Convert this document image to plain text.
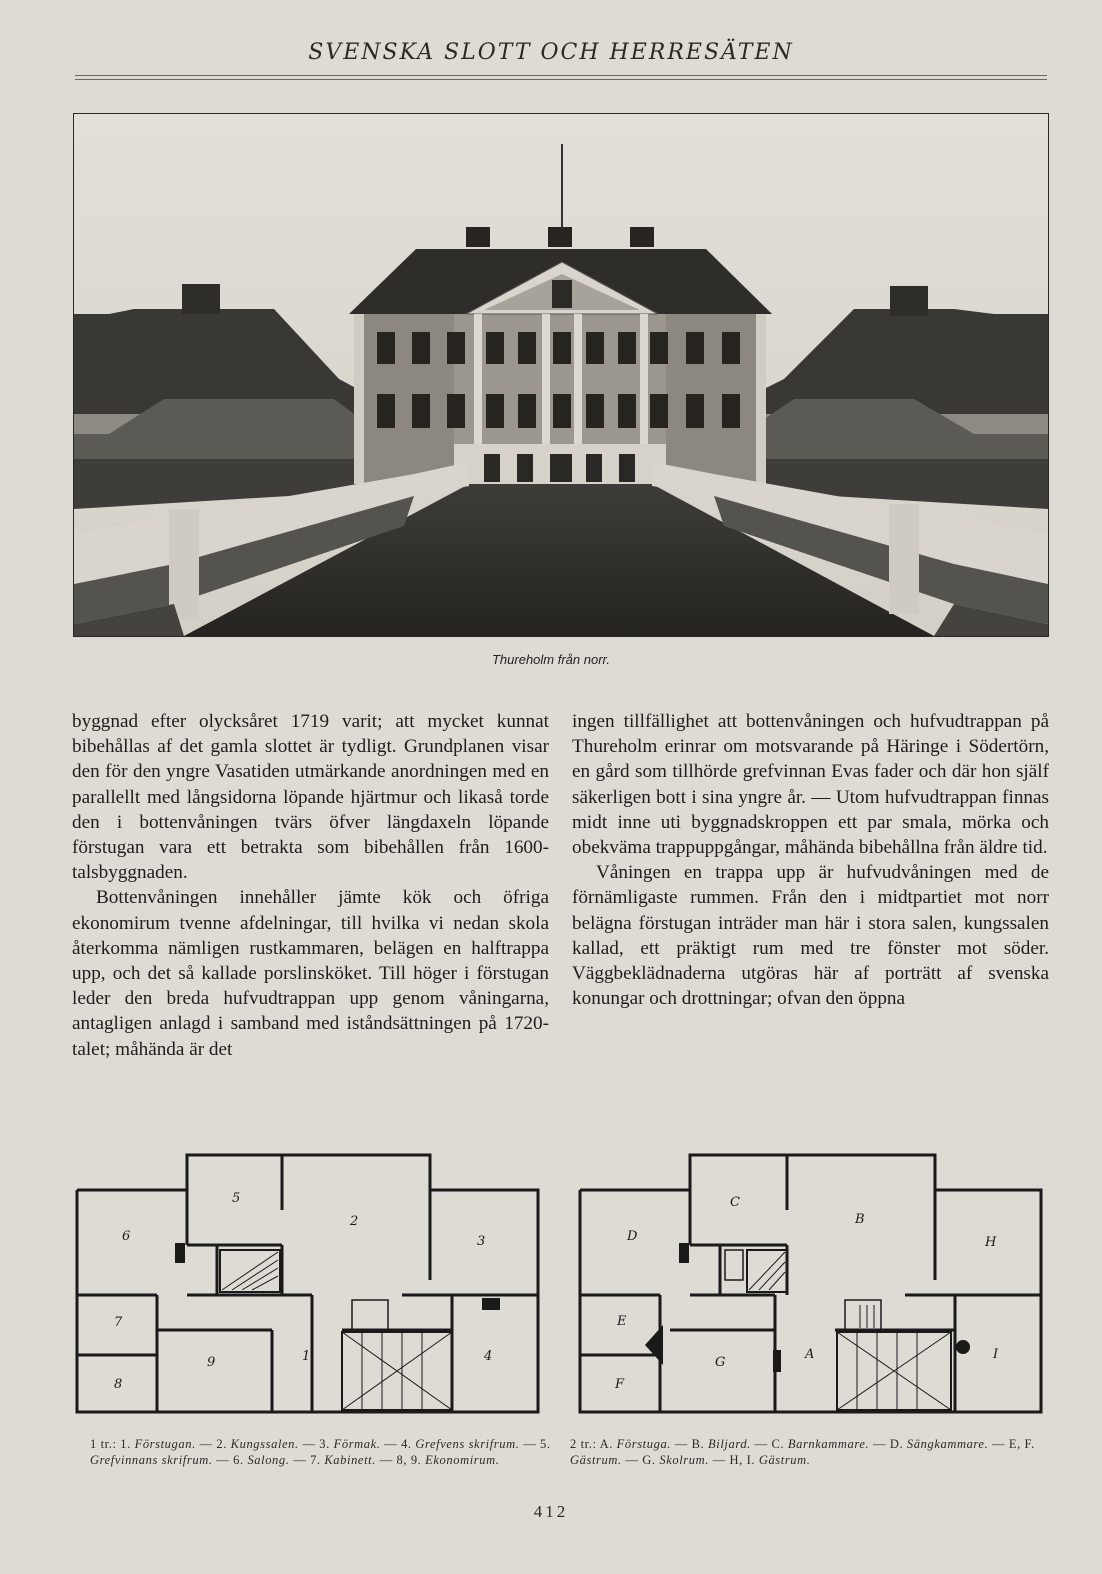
SVENSKA SLOTT OCH HERRESÄTEN
Thureholm från norr.

byggnad efter olycksåret 1719 varit; att mycket kunnat bibehållas af det gamla slottet är tydligt. Grundplanen visar den för den yngre Vasatiden utmärkande anordningen med en parallellt med långsidorna löpande hjärtmur och likaså torde den i bottenvåningen tvärs öfver längdaxeln löpande förstugan vara ett betrakta som bibehållen från 1600-talsbyggnaden.

Bottenvåningen innehåller jämte kök och öfriga ekonomirum tvenne afdelningar, till hvilka vi nedan skola återkomma nämligen rustkammaren, belägen en halftrappa upp, och det så kallade porslinsköket. Till höger i förstugan leder den breda hufvudtrappan upp genom våningarna, antagligen anlagd i samband med iståndsättningen på 1720-talet; måhända är det

ingen tillfällighet att bottenvåningen och hufvudtrappan på Thureholm erinrar om motsvarande på Häringe i Södertörn, en gård som tillhörde grefvinnan Evas fader och där hon själf säkerligen bott i sina yngre år. — Utom hufvudtrappan finnas midt inne uti byggnadskroppen ett par smala, mörka och obekväma trappuppgångar, måhända bibehållna från äldre tid.

Våningen en trappa upp är hufvudvåningen med de förnämligaste rummen. Från den i midtpartiet mot norr belägna förstugan inträder man här i stora salen, kungssalen kallad, ett präktigt rum med tre fönster mot söder. Väggbeklädnaderna utgöras här af porträtt af svenska konungar och drottningar; ofvan den öppna

5
6
2
3
7
9	1	4
8
C
D
B
H
E
A
G
I
F
1 tr.: 1. Förstugan. — 2. Kungssalen. — 3. Förmak. — 4. Grefvens skrifrum. — 5. Grefvinnans skrifrum. — 6. Salong. — 7. Kabinett. — 8, 9. Ekonomirum.
2 tr.: A. Förstuga. — B. Biljard. — C. Barnkammare. — D. Sängkammare. — E, F. Gästrum. — G. Skolrum. — H, I. Gästrum.
412
